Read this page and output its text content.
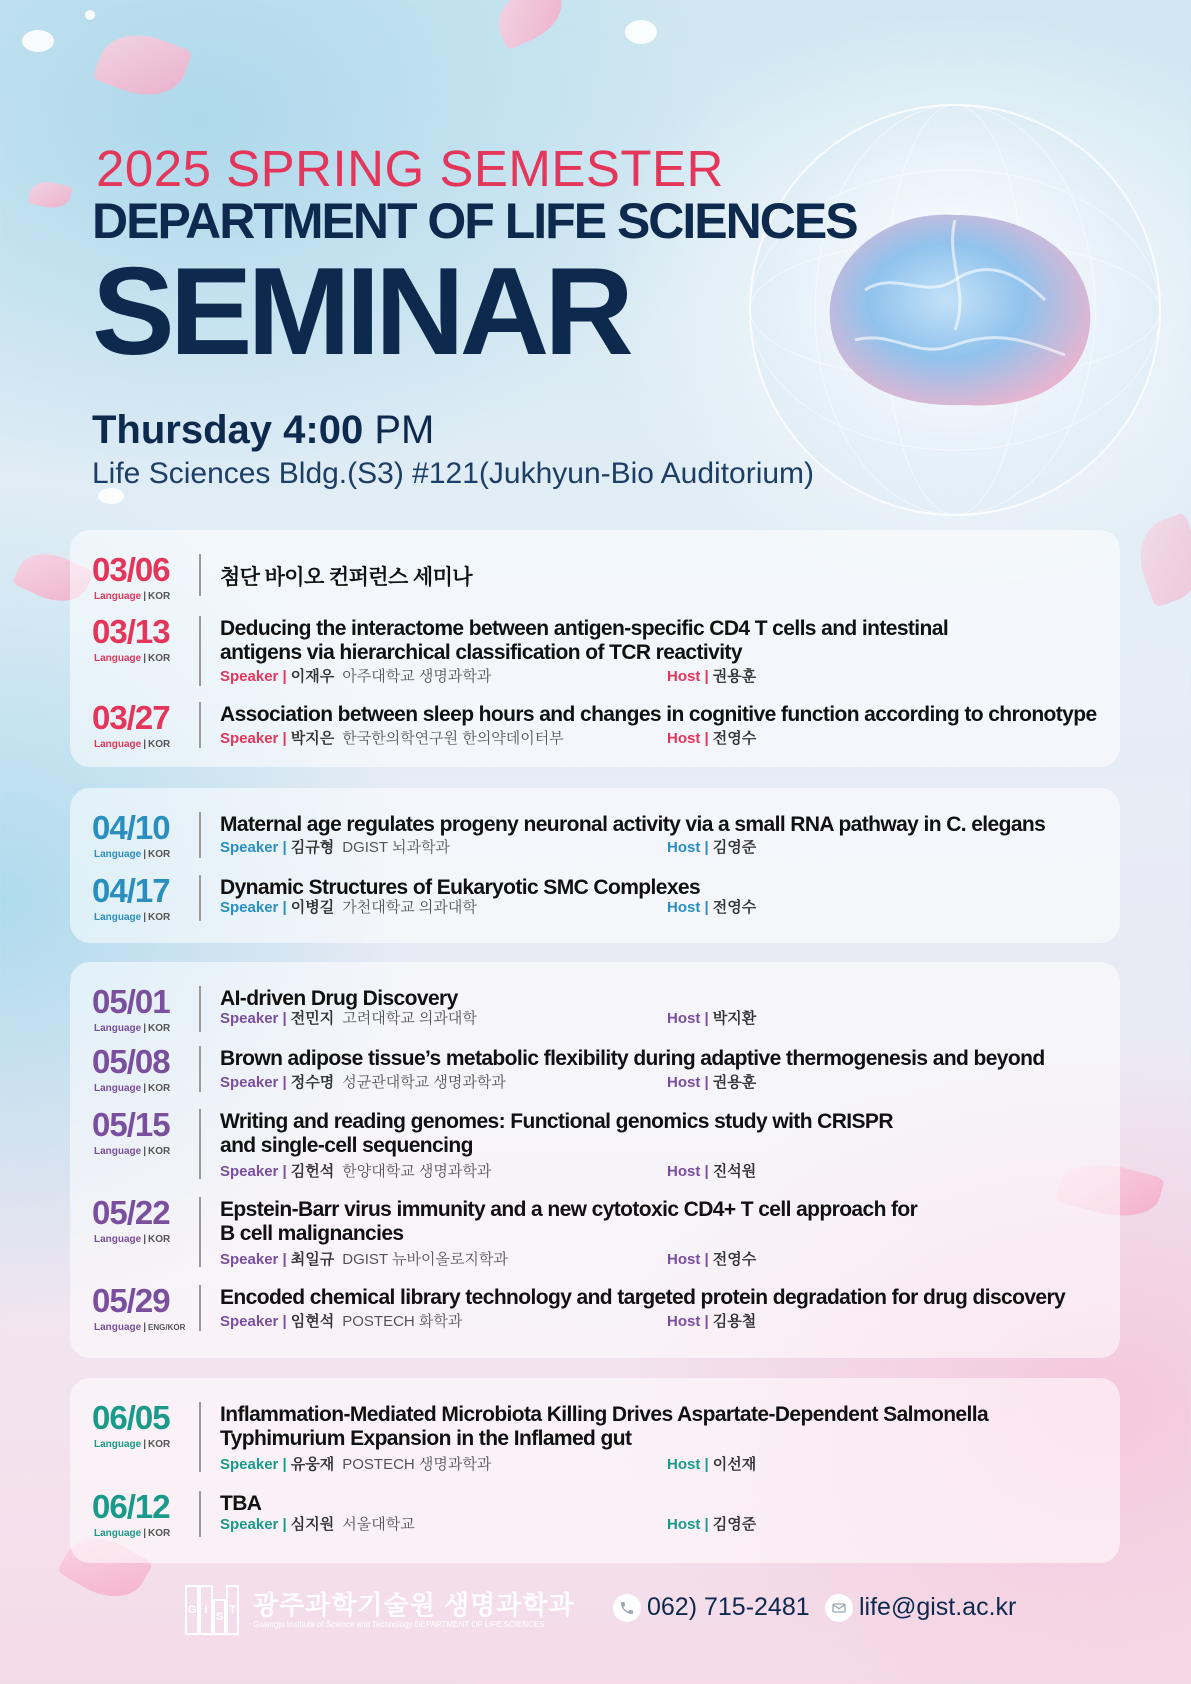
2025 SPRING SEMESTER
DEPARTMENT OF LIFE SCIENCES
SEMINAR
Thursday 4:00 PM
Life Sciences Bldg.(S3) #121(Jukhyun-Bio Auditorium)
03/06
Language | KOR
첨단 바이오 컨퍼런스 세미나
03/13
Language | KOR
Deducing the interactome between antigen-specific CD4 T cells and intestinal antigens via hierarchical classification of TCR reactivity
Speaker | 이재우 아주대학교 생명과학과	Host | 권용훈
03/27
Language | KOR
Association between sleep hours and changes in cognitive function according to chronotype
Speaker | 박지은 한국한의학연구원 한의약데이터부	Host | 전영수
04/10
Language | KOR
Maternal age regulates progeny neuronal activity via a small RNA pathway in C. elegans
Speaker | 김규형 DGIST 뇌과학과	Host | 김영준
04/17
Language | KOR
Dynamic Structures of Eukaryotic SMC Complexes
Speaker | 이병길 가천대학교 의과대학	Host | 전영수
05/01
Language | KOR
AI-driven Drug Discovery
Speaker | 전민지 고려대학교 의과대학	Host | 박지환
05/08
Language | KOR
Brown adipose tissue’s metabolic flexibility during adaptive thermogenesis and beyond
Speaker | 정수명 성균관대학교 생명과학과	Host | 권용훈
05/15
Language | KOR
Writing and reading genomes: Functional genomics study with CRISPR and single-cell sequencing
Speaker | 김헌석 한양대학교 생명과학과	Host | 진석원
05/22
Language | KOR
Epstein-Barr virus immunity and a new cytotoxic CD4+ T cell approach for B cell malignancies
Speaker | 최일규 DGIST 뉴바이올로지학과	Host | 전영수
05/29
Language | ENG/KOR
Encoded chemical library technology and targeted protein degradation for drug discovery
Speaker | 임현석 POSTECH 화학과	Host | 김용철
06/05
Language | KOR
Inflammation-Mediated Microbiota Killing Drives Aspartate-Dependent Salmonella Typhimurium Expansion in the Inflamed gut
Speaker | 유웅재 POSTECH 생명과학과	Host | 이선재
06/12
Language | KOR
TBA
Speaker | 심지원 서울대학교	Host | 김영준
G I
S
T 광주과학기술원 생명과학과
Gwangju Institute of Science and Technology DEPARTMENT OF LIFE SCIENCES
062) 715-2481 life@gist.ac.kr
